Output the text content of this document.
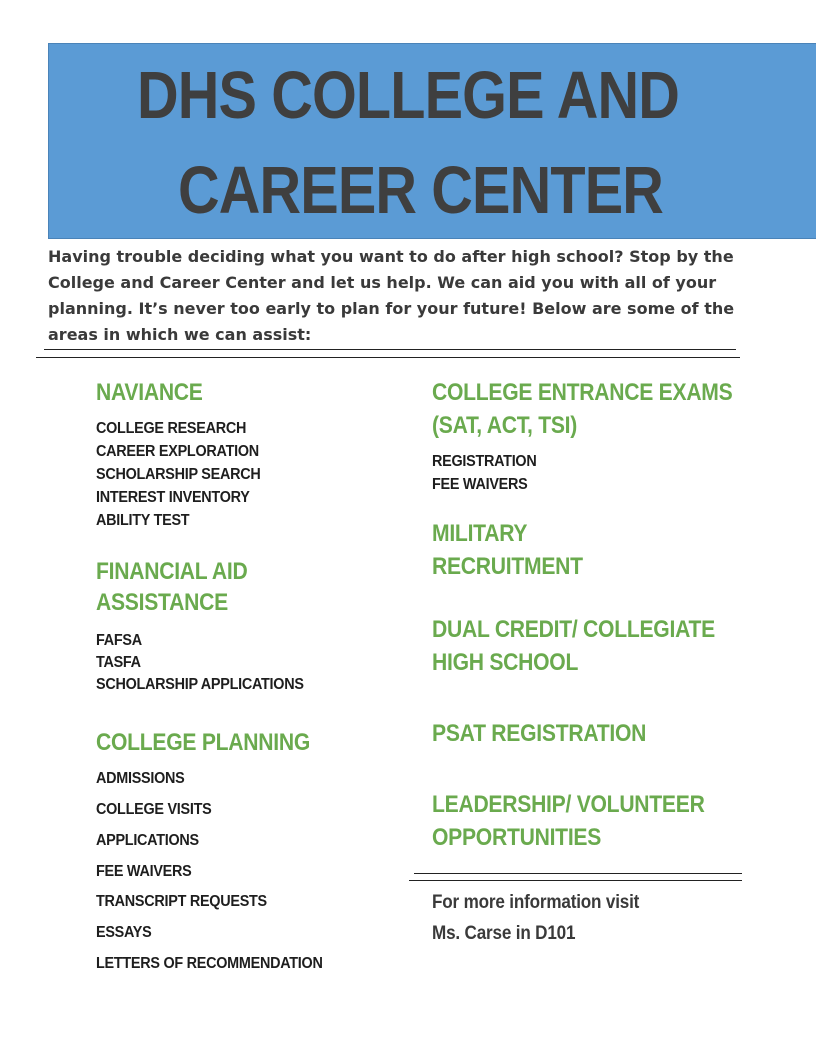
DHS COLLEGE AND
CAREER CENTER
Having trouble deciding what you want to do after high school? Stop by the
College and Career Center and let us help. We can aid you with all of your
planning. It’s never too early to plan for your future! Below are some of the
areas in which we can assist:
NAVIANCE
COLLEGE RESEARCH
CAREER EXPLORATION
SCHOLARSHIP SEARCH
INTEREST INVENTORY
ABILITY TEST
FINANCIAL AID
ASSISTANCE
FAFSA
TASFA
SCHOLARSHIP APPLICATIONS
COLLEGE PLANNING
ADMISSIONS
COLLEGE VISITS
APPLICATIONS
FEE WAIVERS
TRANSCRIPT REQUESTS
ESSAYS
LETTERS OF RECOMMENDATION
COLLEGE ENTRANCE EXAMS
(SAT, ACT, TSI)
REGISTRATION
FEE WAIVERS
MILITARY
RECRUITMENT
DUAL CREDIT/ COLLEGIATE
HIGH SCHOOL
PSAT REGISTRATION
LEADERSHIP/ VOLUNTEER
OPPORTUNITIES
For more information visit
Ms. Carse in D101
